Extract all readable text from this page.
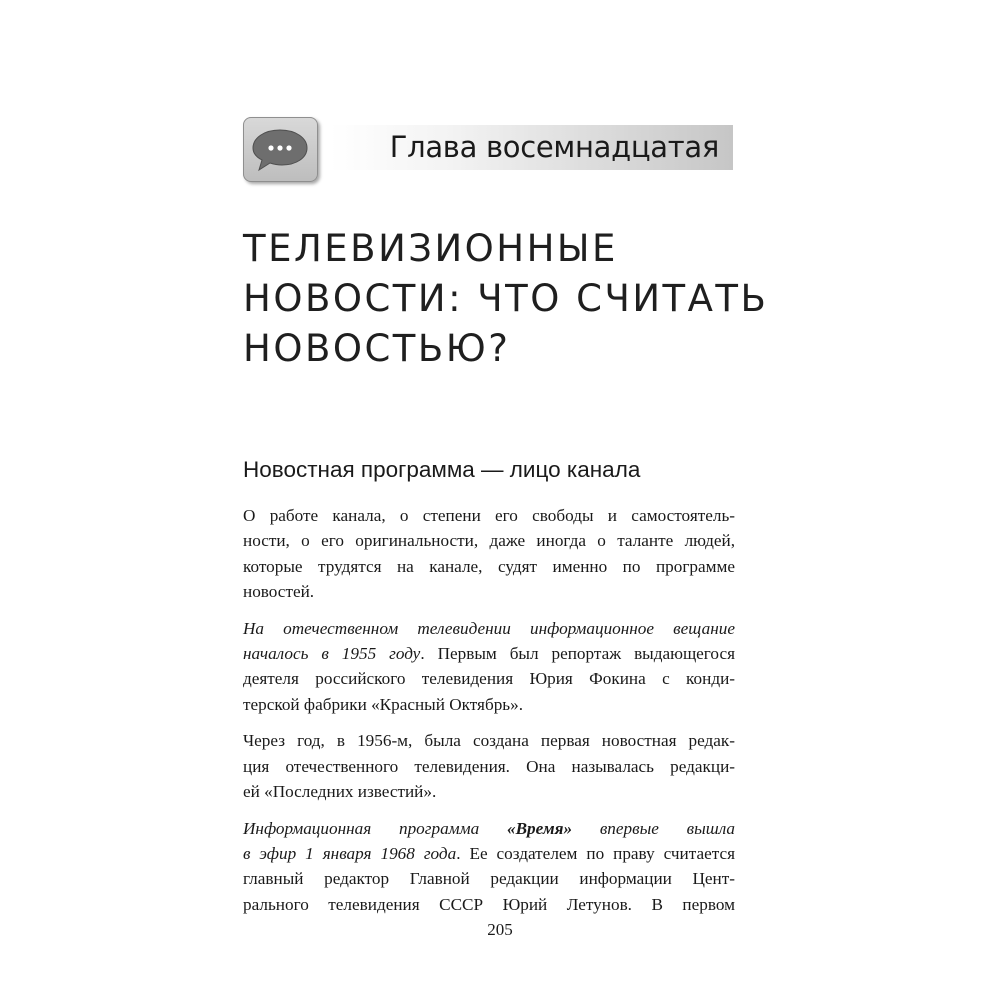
Глава восемнадцатая
ТЕЛЕВИЗИОННЫЕ
НОВОСТИ: ЧТО СЧИТАТЬ
НОВОСТЬЮ?
Новостная программа — лицо канала

О работе канала, о степени его свободы и самостоятель-
ности, о его оригинальности, даже иногда о таланте людей,
которые трудятся на канале, судят именно по программе
новостей.

На отечественном телевидении информационное вещание
началось в 1955 году. Первым был репортаж выдающегося
деятеля российского телевидения Юрия Фокина с конди-
терской фабрики «Красный Октябрь».

Через год, в 1956-м, была создана первая новостная редак-
ция отечественного телевидения. Она называлась редакци-
ей «Последних известий».

Информационная программа «Время» впервые вышла
в эфир 1 января 1968 года. Ее создателем по праву считается
главный редактор Главной редакции информации Цент-
рального телевидения СССР Юрий Летунов. В первом

205
